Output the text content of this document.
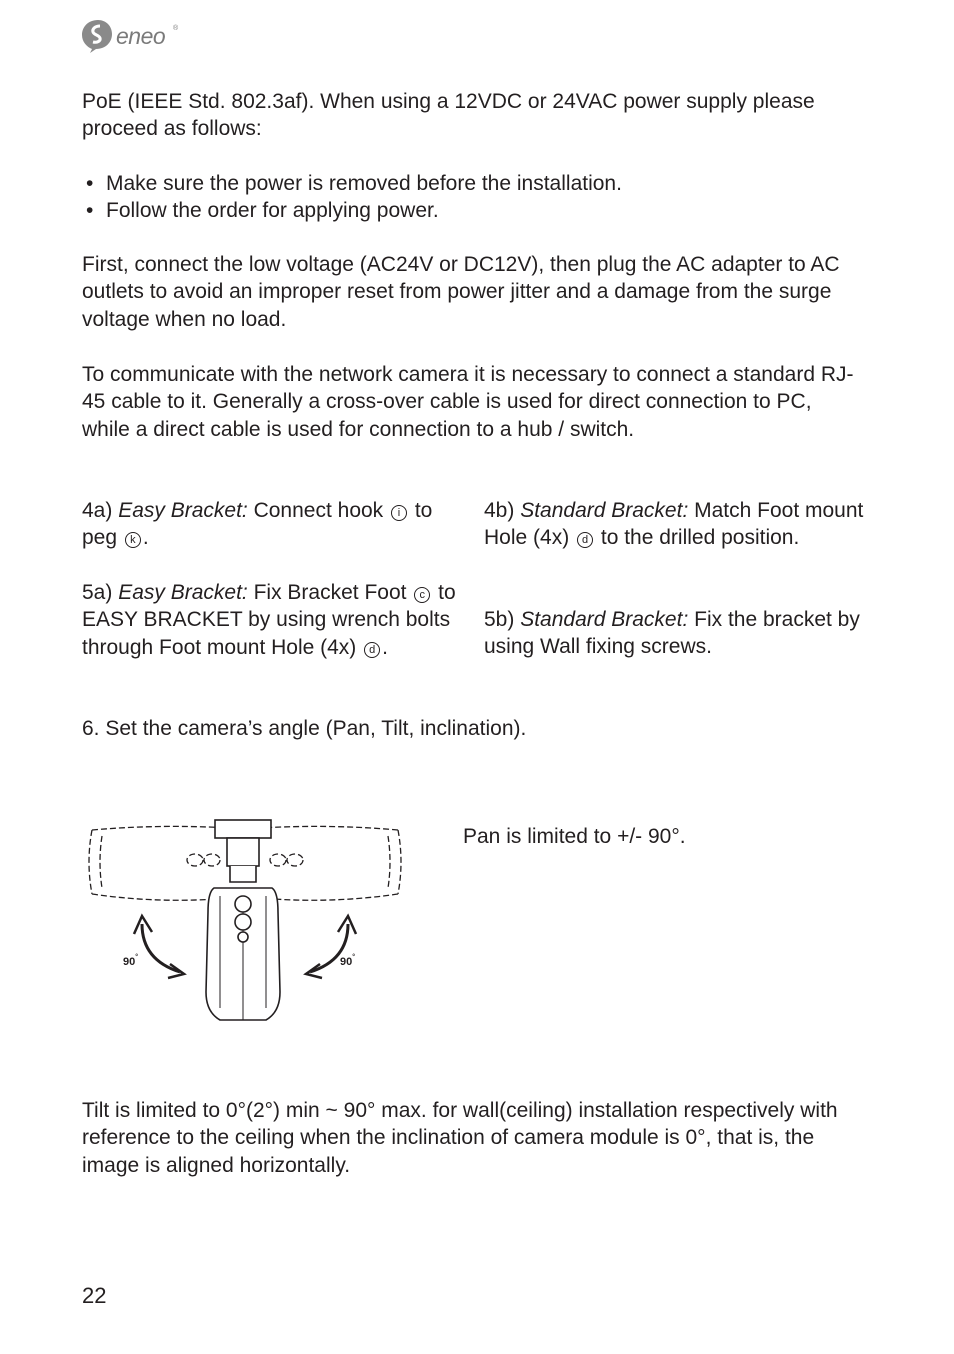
eneo ®

PoE (IEEE Std. 802.3af). When using a 12VDC or 24VAC power supply please proceed as follows:

• Make sure the power is removed before the installation.
• Follow the order for applying power.

First, connect the low voltage (AC24V or DC12V), then plug the AC adapter to AC outlets to avoid an improper reset from power jitter and a damage from the surge voltage when no load.

To communicate with the network camera it is necessary to connect a standard RJ-45 cable to it. Generally a cross-over cable is used for direct connection to PC, while a direct cable is used for connection to a hub / switch.

4a) Easy Bracket: Connect hook i to peg k .

5a) Easy Bracket: Fix Bracket Foot c to EASY BRACKET by using wrench bolts through Foot mount Hole (4x) d .

4b) Standard Bracket: Match Foot mount Hole (4x) d to the drilled position.

5b) Standard Bracket: Fix the bracket by using Wall fixing screws.

6. Set the camera’s angle (Pan, Tilt, inclination).

90°	90°

Pan is limited to +/- 90°.

Tilt is limited to 0°(2°) min ~ 90° max. for wall(ceiling) installation respectively with reference to the ceiling when the inclination of camera module is 0°, that is, the image is aligned horizontally.

22
